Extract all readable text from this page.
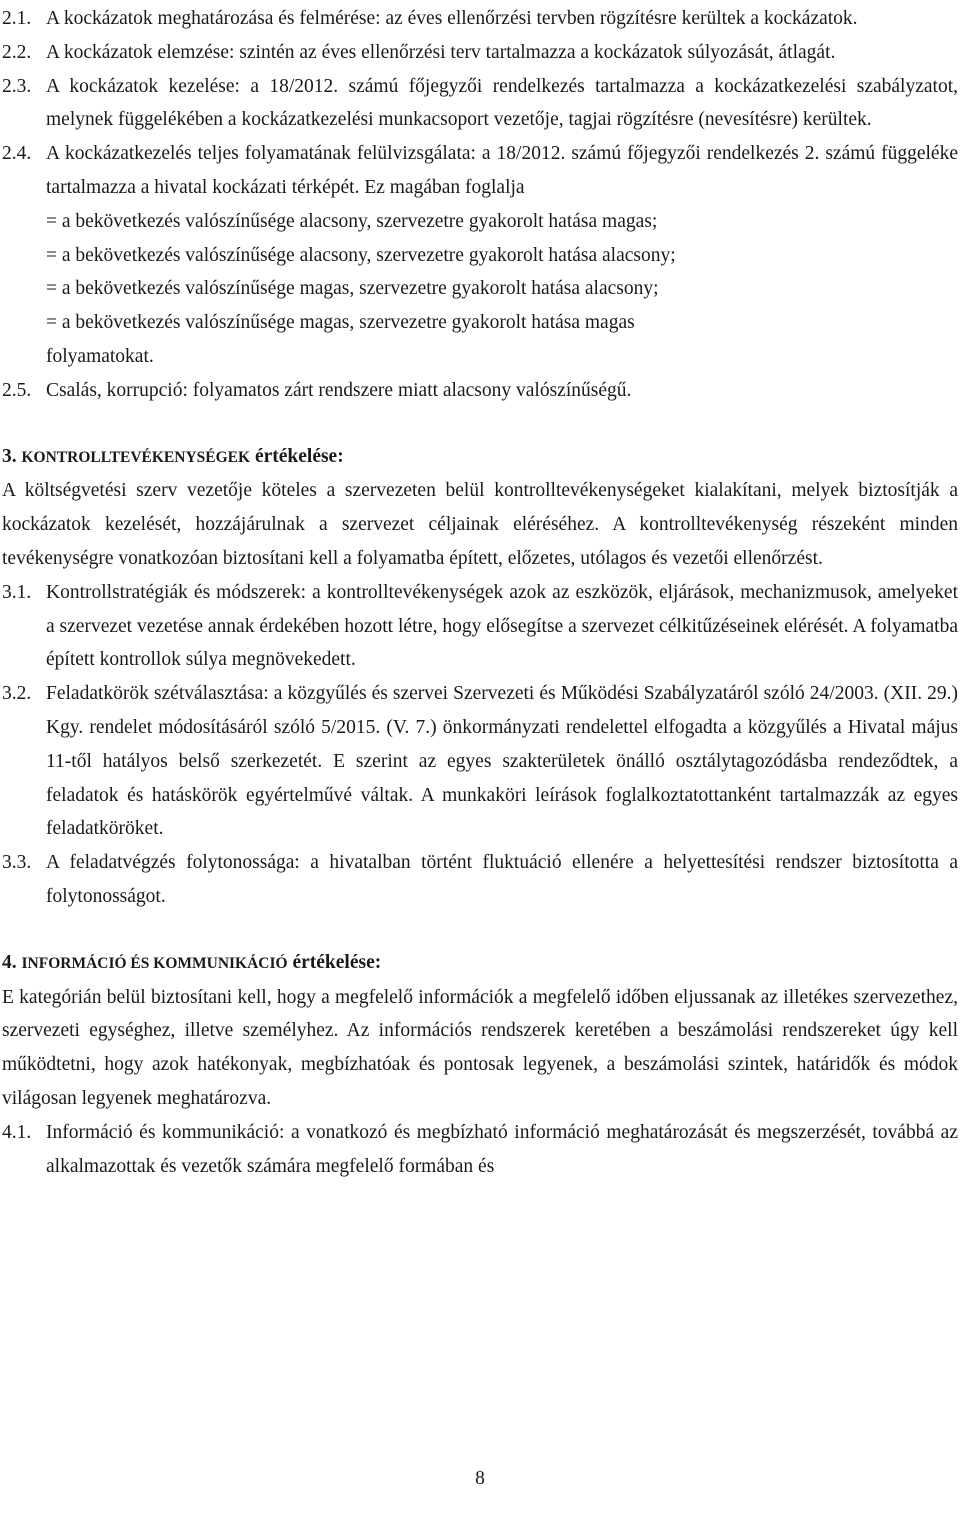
2.1. A kockázatok meghatározása és felmérése: az éves ellenőrzési tervben rögzítésre kerültek a kockázatok.
2.2. A kockázatok elemzése: szintén az éves ellenőrzési terv tartalmazza a kockázatok súlyozását, átlagát.
2.3. A kockázatok kezelése: a 18/2012. számú főjegyzői rendelkezés tartalmazza a kockázatkezelési szabályzatot, melynek függelékében a kockázatkezelési munkacsoport vezetője, tagjai rögzítésre (nevesítésre) kerültek.
2.4. A kockázatkezelés teljes folyamatának felülvizsgálata: a 18/2012. számú főjegyzői rendelkezés 2. számú függeléke tartalmazza a hivatal kockázati térképét. Ez magában foglalja
= a bekövetkezés valószínűsége alacsony, szervezetre gyakorolt hatása magas;
= a bekövetkezés valószínűsége alacsony, szervezetre gyakorolt hatása alacsony;
= a bekövetkezés valószínűsége magas, szervezetre gyakorolt hatása alacsony;
= a bekövetkezés valószínűsége magas, szervezetre gyakorolt hatása magas
folyamatokat.
2.5. Csalás, korrupció: folyamatos zárt rendszere miatt alacsony valószínűségű.
3. KONTROLLTEVÉKENYSÉGEK értékelése:

A költségvetési szerv vezetője köteles a szervezeten belül kontrolltevékenységeket kialakítani, melyek biztosítják a kockázatok kezelését, hozzájárulnak a szervezet céljainak eléréséhez. A kontrolltevékenység részeként minden tevékenységre vonatkozóan biztosítani kell a folyamatba épített, előzetes, utólagos és vezetői ellenőrzést.

3.1. Kontrollstratégiák és módszerek: a kontrolltevékenységek azok az eszközök, eljárások, mechanizmusok, amelyeket a szervezet vezetése annak érdekében hozott létre, hogy elősegítse a szervezet célkitűzéseinek elérését. A folyamatba épített kontrollok súlya megnövekedett.
3.2. Feladatkörök szétválasztása: a közgyűlés és szervei Szervezeti és Működési Szabályzatáról szóló 24/2003. (XII. 29.) Kgy. rendelet módosításáról szóló 5/2015. (V. 7.) önkormányzati rendelettel elfogadta a közgyűlés a Hivatal május 11-től hatályos belső szerkezetét. E szerint az egyes szakterületek önálló osztálytagozódásba rendeződtek, a feladatok és hatáskörök egyértelművé váltak. A munkaköri leírások foglalkoztatottanként tartalmazzák az egyes feladatköröket.
3.3. A feladatvégzés folytonossága: a hivatalban történt fluktuáció ellenére a helyettesítési rendszer biztosította a folytonosságot.
4. INFORMÁCIÓ ÉS KOMMUNIKÁCIÓ értékelése:

E kategórián belül biztosítani kell, hogy a megfelelő információk a megfelelő időben eljussanak az illetékes szervezethez, szervezeti egységhez, illetve személyhez. Az információs rendszerek keretében a beszámolási rendszereket úgy kell működtetni, hogy azok hatékonyak, megbízhatóak és pontosak legyenek, a beszámolási szintek, határidők és módok világosan legyenek meghatározva.

4.1. Információ és kommunikáció: a vonatkozó és megbízható információ meghatározását és megszerzését, továbbá az alkalmazottak és vezetők számára megfelelő formában és
8
